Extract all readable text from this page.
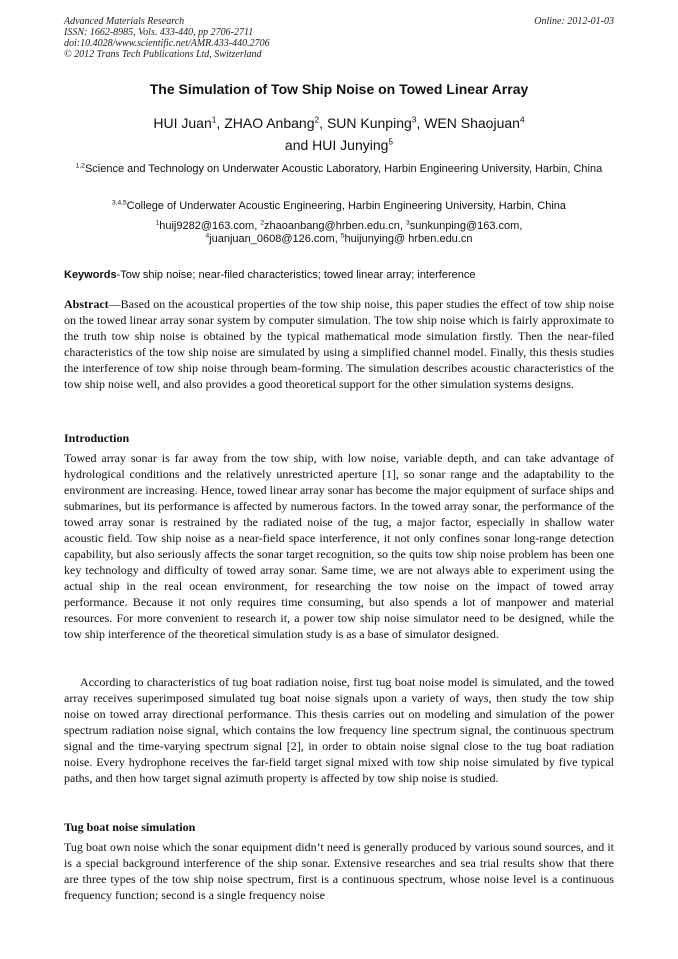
Advanced Materials Research
ISSN: 1662-8985, Vols. 433-440, pp 2706-2711
doi:10.4028/www.scientific.net/AMR.433-440.2706
© 2012 Trans Tech Publications Ltd, Switzerland
Online: 2012-01-03
The Simulation of Tow Ship Noise on Towed Linear Array
HUI Juan$^1$, ZHAO Anbang$^2$, SUN Kunping$^3$, WEN Shaojuan$^4$
and HUI Junying$^5$
$^{1,2}$Science and Technology on Underwater Acoustic Laboratory, Harbin Engineering University, Harbin, China
$^{3,4,5}$College of Underwater Acoustic Engineering, Harbin Engineering University, Harbin, China
$^1$huij9282@163.com, $^2$zhaoanbang@hrben.edu.cn, $^3$sunkunping@163.com,
$^4$juanjuan_0608@126.com, $^5$huijunying@ hrben.edu.cn
Keywords-Tow ship noise; near-filed characteristics; towed linear array; interference
Abstract—Based on the acoustical properties of the tow ship noise, this paper studies the effect of tow ship noise on the towed linear array sonar system by computer simulation. The tow ship noise which is fairly approximate to the truth tow ship noise is obtained by the typical mathematical mode simulation firstly. Then the near-filed characteristics of the tow ship noise are simulated by using a simplified channel model. Finally, this thesis studies the interference of tow ship noise through beam-forming. The simulation describes acoustic characteristics of the tow ship noise well, and also provides a good theoretical support for the other simulation systems designs.
Introduction
Towed array sonar is far away from the tow ship, with low noise, variable depth, and can take advantage of hydrological conditions and the relatively unrestricted aperture [1], so sonar range and the adaptability to the environment are increasing. Hence, towed linear array sonar has become the major equipment of surface ships and submarines, but its performance is affected by numerous factors. In the towed array sonar, the performance of the towed array sonar is restrained by the radiated noise of the tug, a major factor, especially in shallow water acoustic field. Tow ship noise as a near-field space interference, it not only confines sonar long-range detection capability, but also seriously affects the sonar target recognition, so the quits tow ship noise problem has been one key technology and difficulty of towed array sonar. Same time, we are not always able to experiment using the actual ship in the real ocean environment, for researching the tow noise on the impact of towed array performance. Because it not only requires time consuming, but also spends a lot of manpower and material resources. For more convenient to research it, a power tow ship noise simulator need to be designed, while the tow ship interference of the theoretical simulation study is as a base of simulator designed.
According to characteristics of tug boat radiation noise, first tug boat noise model is simulated, and the towed array receives superimposed simulated tug boat noise signals upon a variety of ways, then study the tow ship noise on towed array directional performance. This thesis carries out on modeling and simulation of the power spectrum radiation noise signal, which contains the low frequency line spectrum signal, the continuous spectrum signal and the time-varying spectrum signal [2], in order to obtain noise signal close to the tug boat radiation noise. Every hydrophone receives the far-field target signal mixed with tow ship noise simulated by five typical paths, and then how target signal azimuth property is affected by tow ship noise is studied.
Tug boat noise simulation
Tug boat own noise which the sonar equipment didn’t need is generally produced by various sound sources, and it is a special background interference of the ship sonar. Extensive researches and sea trial results show that there are three types of the tow ship noise spectrum, first is a continuous spectrum, whose noise level is a continuous frequency function; second is a single frequency noise
